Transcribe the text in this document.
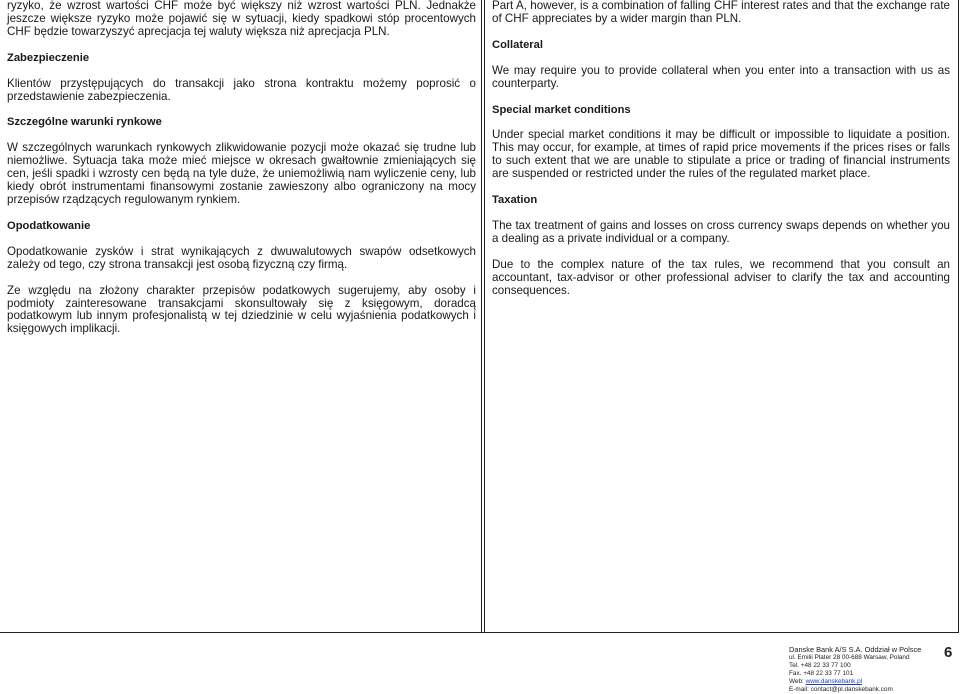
ryzyko, że wzrost wartości CHF może być większy niż wzrost wartości PLN. Jednakże jeszcze większe ryzyko może pojawić się w sytuacji, kiedy spadkowi stóp procentowych CHF będzie towarzyszyć aprecjacja tej waluty większa niż aprecjacja PLN.

Zabezpieczenie

Klientów przystępujących do transakcji jako strona kontraktu możemy poprosić o przedstawienie zabezpieczenia.

Szczególne warunki rynkowe

W szczególnych warunkach rynkowych zlikwidowanie pozycji może okazać się trudne lub niemożliwe. Sytuacja taka może mieć miejsce w okresach gwałtownie zmieniających się cen, jeśli spadki i wzrosty cen będą na tyle duże, że uniemożliwią nam wyliczenie ceny, lub kiedy obrót instrumentami finansowymi zostanie zawieszony albo ograniczony na mocy przepisów rządzących regulowanym rynkiem.

Opodatkowanie

Opodatkowanie zysków i strat wynikających z dwuwalutowych swapów odsetkowych zależy od tego, czy strona transakcji jest osobą fizyczną czy firmą.

Ze względu na złożony charakter przepisów podatkowych sugerujemy, aby osoby i podmioty zainteresowane transakcjami skonsultowały się z księgowym, doradcą podatkowym lub innym profesjonalistą w tej dziedzinie w celu wyjaśnienia podatkowych i księgowych implikacji.

Part A, however, is a combination of falling CHF interest rates and that the exchange rate of CHF appreciates by a wider margin than PLN.

Collateral

We may require you to provide collateral when you enter into a transaction with us as counterparty.

Special market conditions

Under special market conditions it may be difficult or impossible to liquidate a position. This may occur, for example, at times of rapid price movements if the prices rises or falls to such extent that we are unable to stipulate a price or trading of financial instruments are suspended or restricted under the rules of the regulated market place.

Taxation

The tax treatment of gains and losses on cross currency swaps depends on whether you a dealing as a private individual or a company.

Due to the complex nature of the tax rules, we recommend that you consult an accountant, tax-advisor or other professional adviser to clarify the tax and accounting consequences.

Danske Bank A/S S.A. Oddział w Polsce
ul. Emilii Plater 28 00-688 Warsaw, Poland
Tel. +48 22 33 77 100
Fax. +48 22 33 77 101
Web: www.danskebank.pl
E-mail: contact@pl.danskebank.com
6
